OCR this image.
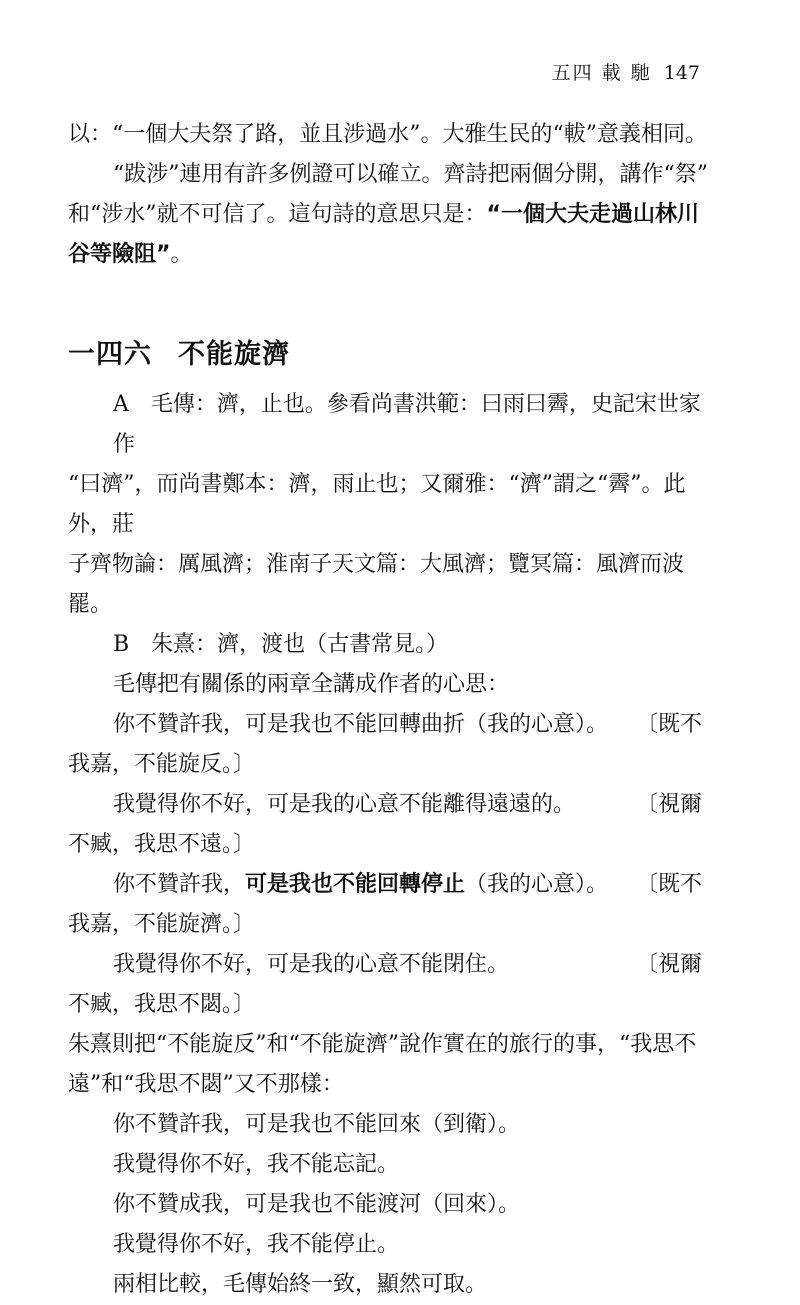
五四 載 馳 147

以：“一個大夫祭了路，並且涉過水”。大雅生民的“軷”意義相同。

“跋涉”連用有許多例證可以確立。齊詩把兩個分開，講作“祭”

和“涉水”就不可信了。這句詩的意思只是：“一個大夫走過山林川

谷等險阻”。

一四六 不能旋濟

A　毛傳：濟，止也。參看尚書洪範：曰雨曰霽，史記宋世家作

“曰濟”，而尚書鄭本：濟，雨止也；又爾雅：“濟”謂之“霽”。此外，莊

子齊物論：厲風濟；淮南子天文篇：大風濟；覽冥篇：風濟而波罷。

B　朱熹：濟，渡也（古書常見。）

毛傳把有關係的兩章全講成作者的心思：

你不贊許我，可是我也不能回轉曲折（我的心意）。 〔既不

我嘉，不能旋反。〕

我覺得你不好，可是我的心意不能離得遠遠的。	〔視爾

不臧，我思不遠。〕

你不贊許我，可是我也不能回轉停止（我的心意）。 〔既不

我嘉，不能旋濟。〕

我覺得你不好，可是我的心意不能閉住。	〔視爾

不臧，我思不閟。〕

朱熹則把“不能旋反”和“不能旋濟”說作實在的旅行的事，“我思不

遠”和“我思不閟”又不那樣：

你不贊許我，可是我也不能回來（到衛）。

我覺得你不好，我不能忘記。

你不贊成我，可是我也不能渡河（回來）。

我覺得你不好，我不能停止。

兩相比較，毛傳始終一致，顯然可取。
